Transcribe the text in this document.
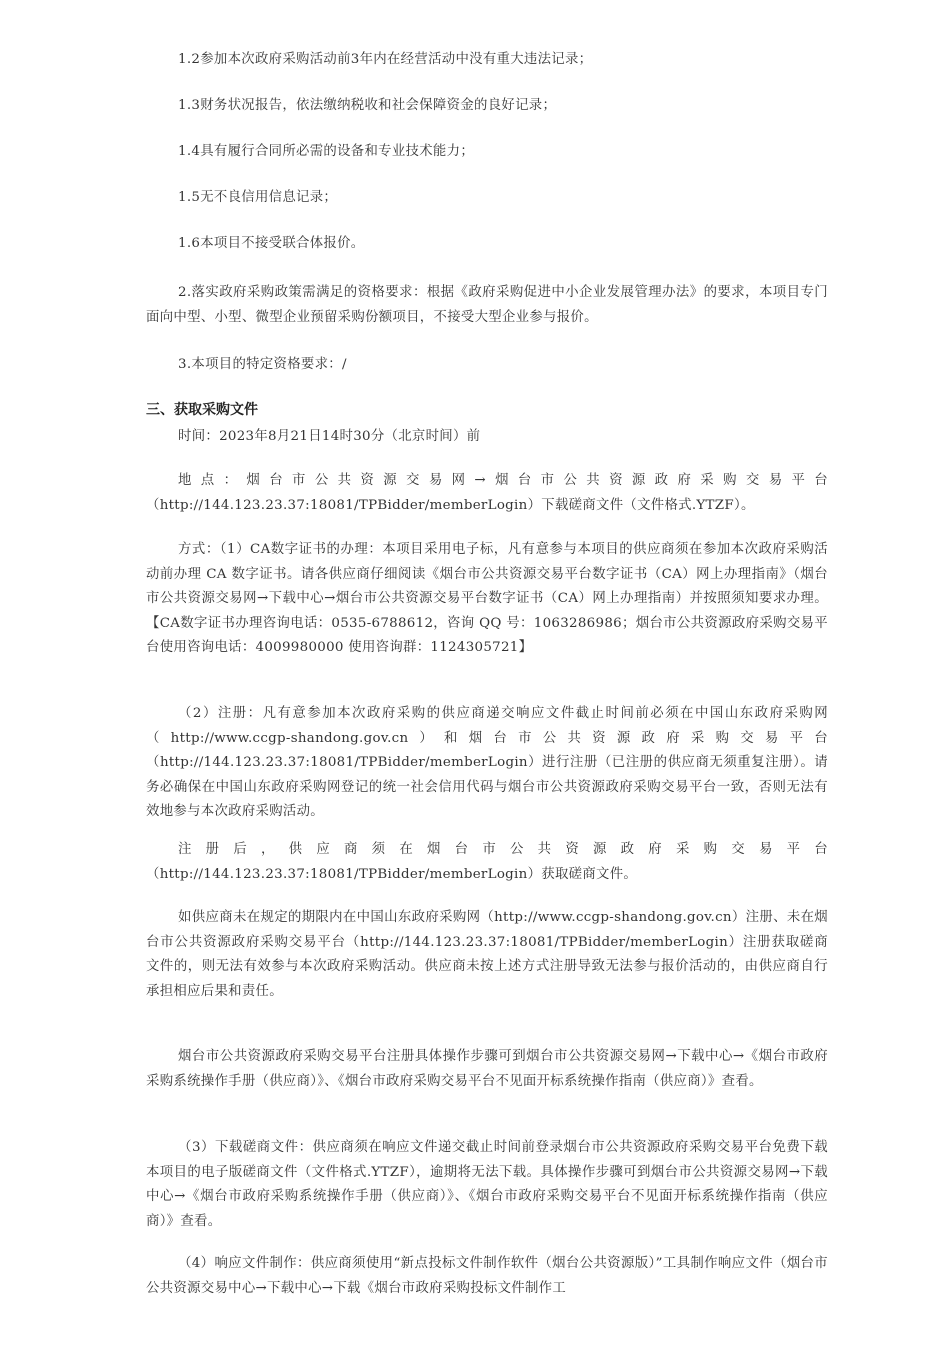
1.2参加本次政府采购活动前3年内在经营活动中没有重大违法记录；

1.3财务状况报告，依法缴纳税收和社会保障资金的良好记录；

1.4具有履行合同所必需的设备和专业技术能力；

1.5无不良信用信息记录；

1.6本项目不接受联合体报价。

2.落实政府采购政策需满足的资格要求：根据《政府采购促进中小企业发展管理办法》的要求，本项目专门面向中型、小型、微型企业预留采购份额项目，不接受大型企业参与报价。

3.本项目的特定资格要求：/

三、获取采购文件

时间：2023年8月21日14时30分（北京时间）前

地点：烟台市公共资源交易网→烟台市公共资源政府采购交易平台（http://144.123.23.37:18081/TPBidder/memberLogin）下载磋商文件（文件格式.YTZF）。

方式：（1）CA数字证书的办理：本项目采用电子标，凡有意参与本项目的供应商须在参加本次政府采购活动前办理 CA 数字证书。请各供应商仔细阅读《烟台市公共资源交易平台数字证书（CA）网上办理指南》（烟台市公共资源交易网→下载中心→烟台市公共资源交易平台数字证书（CA）网上办理指南）并按照须知要求办理。【CA数字证书办理咨询电话：0535-6788612，咨询 QQ 号：1063286986；烟台市公共资源政府采购交易平台使用咨询电话：4009980000 使用咨询群：1124305721】

（2）注册：凡有意参加本次政府采购的供应商递交响应文件截止时间前必须在中国山东政府采购网（http://www.ccgp-shandong.gov.cn）和烟台市公共资源政府采购交易平台（http://144.123.23.37:18081/TPBidder/memberLogin）进行注册（已注册的供应商无须重复注册）。请务必确保在中国山东政府采购网登记的统一社会信用代码与烟台市公共资源政府采购交易平台一致，否则无法有效地参与本次政府采购活动。

注册后，供应商须在烟台市公共资源政府采购交易平台（http://144.123.23.37:18081/TPBidder/memberLogin）获取磋商文件。

如供应商未在规定的期限内在中国山东政府采购网（http://www.ccgp-shandong.gov.cn）注册、未在烟台市公共资源政府采购交易平台（http://144.123.23.37:18081/TPBidder/memberLogin）注册获取磋商文件的，则无法有效参与本次政府采购活动。供应商未按上述方式注册导致无法参与报价活动的，由供应商自行承担相应后果和责任。

烟台市公共资源政府采购交易平台注册具体操作步骤可到烟台市公共资源交易网→下载中心→《烟台市政府采购系统操作手册（供应商）》、《烟台市政府采购交易平台不见面开标系统操作指南（供应商）》查看。

（3）下载磋商文件：供应商须在响应文件递交截止时间前登录烟台市公共资源政府采购交易平台免费下载本项目的电子版磋商文件（文件格式.YTZF），逾期将无法下载。具体操作步骤可到烟台市公共资源交易网→下载中心→《烟台市政府采购系统操作手册（供应商）》、《烟台市政府采购交易平台不见面开标系统操作指南（供应商）》查看。

（4）响应文件制作：供应商须使用“新点投标文件制作软件（烟台公共资源版）”工具制作响应文件（烟台市公共资源交易中心→下载中心→下载《烟台市政府采购投标文件制作工
